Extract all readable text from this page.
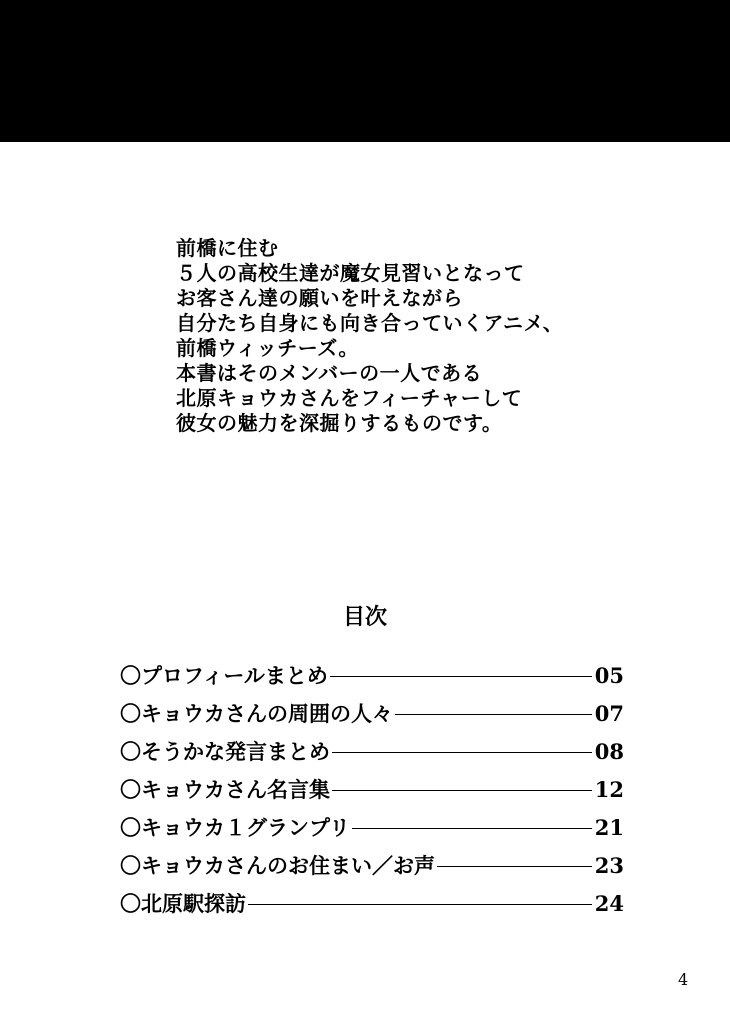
前橋に住む
５人の高校生達が魔女見習いとなって
お客さん達の願いを叶えながら
自分たち自身にも向き合っていくアニメ、
前橋ウィッチーズ。
本書はそのメンバーの一人である
北原キョウカさんをフィーチャーして
彼女の魅力を深掘りするものです。
目次
〇プロフィールまとめ	05
〇キョウカさんの周囲の人々	07
〇そうかな発言まとめ	08
〇キョウカさん名言集	12
〇キョウカ１グランプリ	21
〇キョウカさんのお住まい／お声	23
〇北原駅探訪	24
4
